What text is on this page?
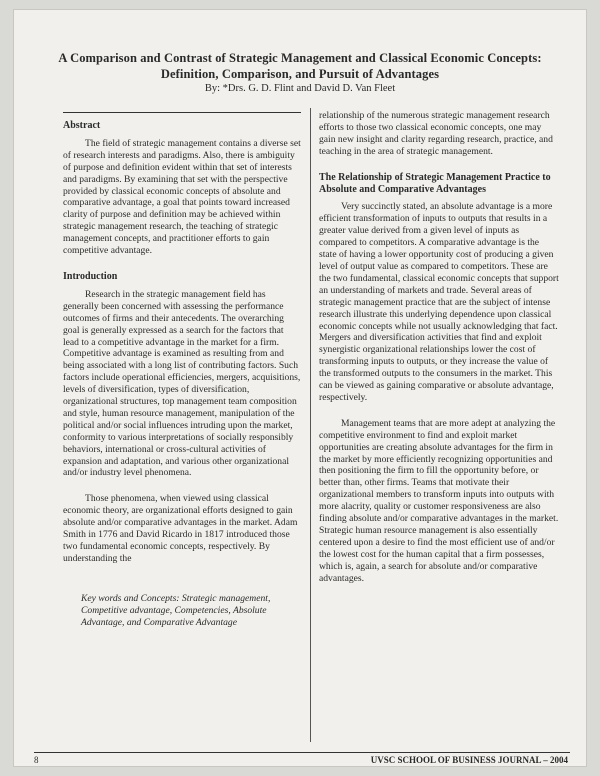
A Comparison and Contrast of Strategic Management and Classical Economic Concepts:

Definition, Comparison, and Pursuit of Advantages

By: *Drs. G. D. Flint and David D. Van Fleet

Abstract

The field of strategic management contains a diverse set of research interests and paradigms. Also, there is ambiguity of purpose and definition evident within that set of interests and paradigms. By examining that set with the perspective provided by classical economic concepts of absolute and comparative advantage, a goal that points toward increased clarity of purpose and definition may be achieved within strategic management research, the teaching of strategic management concepts, and practitioner efforts to gain competitive advantage.

Introduction

Research in the strategic management field has generally been concerned with assessing the performance outcomes of firms and their antecedents. The overarching goal is generally expressed as a search for the factors that lead to a competitive advantage in the market for a firm. Competitive advantage is examined as resulting from and being associated with a long list of contributing factors. Such factors include operational efficiencies, mergers, acquisitions, levels of diversification, types of diversification, organizational structures, top management team composition and style, human resource management, manipulation of the political and/or social influences intruding upon the market, conformity to various interpretations of socially responsibly behaviors, international or cross-cultural activities of expansion and adaptation, and various other organizational and/or industry level phenomena.

Those phenomena, when viewed using classical economic theory, are organizational efforts designed to gain absolute and/or comparative advantages in the market. Adam Smith in 1776 and David Ricardo in 1817 introduced those two fundamental economic concepts, respectively. By understanding the

Key words and Concepts: Strategic management, Competitive advantage, Competencies, Absolute Advantage, and Comparative Advantage

relationship of the numerous strategic management research efforts to those two classical economic concepts, one may gain new insight and clarity regarding research, practice, and teaching in the area of strategic management.

The Relationship of Strategic Management Practice to Absolute and Comparative Advantages

Very succinctly stated, an absolute advantage is a more efficient transformation of inputs to outputs that results in a greater value derived from a given level of inputs as compared to competitors. A comparative advantage is the state of having a lower opportunity cost of producing a given level of output value as compared to competitors. These are the two fundamental, classical economic concepts that support an understanding of markets and trade. Several areas of strategic management practice that are the subject of intense research illustrate this underlying dependence upon classical economic concepts while not usually acknowledging that fact. Mergers and diversification activities that find and exploit synergistic organizational relationships lower the cost of transforming inputs to outputs, or they increase the value of the transformed outputs to the consumers in the market. This can be viewed as gaining comparative or absolute advantage, respectively.

Management teams that are more adept at analyzing the competitive environment to find and exploit market opportunities are creating absolute advantages for the firm in the market by more efficiently recognizing opportunities and then positioning the firm to fill the opportunity before, or better than, other firms. Teams that motivate their organizational members to transform inputs into outputs with more alacrity, quality or customer responsiveness are also finding absolute and/or comparative advantages in the market. Strategic human resource management is also essentially centered upon a desire to find the most efficient use of and/or the lowest cost for the human capital that a firm possesses, which is, again, a search for absolute and/or comparative advantages.

8	UVSC SCHOOL OF BUSINESS JOURNAL – 2004
